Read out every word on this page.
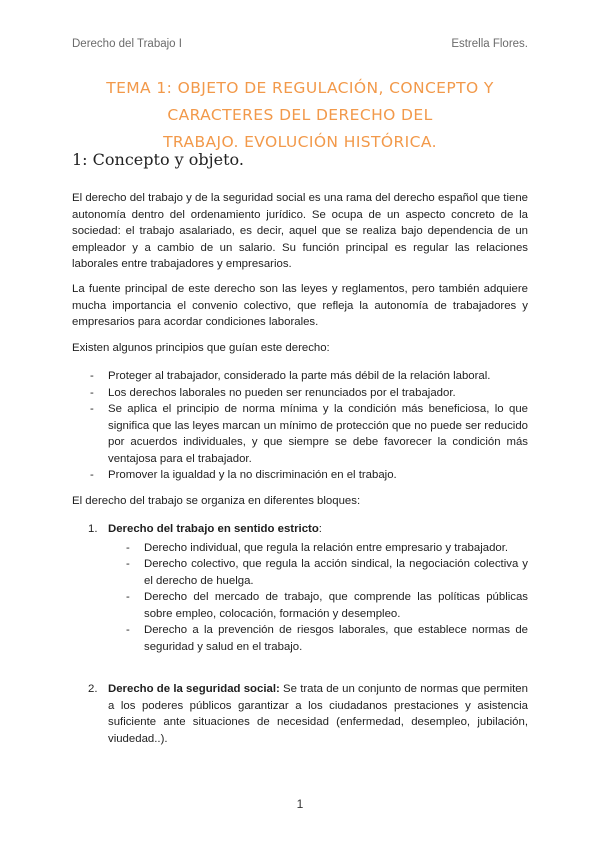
Derecho del Trabajo I	Estrella Flores.
TEMA 1: OBJETO DE REGULACIÓN, CONCEPTO Y CARACTERES DEL DERECHO DEL
TRABAJO. EVOLUCIÓN HISTÓRICA.
1: Concepto y objeto.

El derecho del trabajo y de la seguridad social es una rama del derecho español que tiene autonomía dentro del ordenamiento jurídico. Se ocupa de un aspecto concreto de la sociedad: el trabajo asalariado, es decir, aquel que se realiza bajo dependencia de un empleador y a cambio de un salario. Su función principal es regular las relaciones laborales entre trabajadores y empresarios.

La fuente principal de este derecho son las leyes y reglamentos, pero también adquiere mucha importancia el convenio colectivo, que refleja la autonomía de trabajadores y empresarios para acordar condiciones laborales.

Existen algunos principios que guían este derecho:

- Proteger al trabajador, considerado la parte más débil de la relación laboral.
- Los derechos laborales no pueden ser renunciados por el trabajador.
- Se aplica el principio de norma mínima y la condición más beneficiosa, lo que significa que las leyes marcan un mínimo de protección que no puede ser reducido por acuerdos individuales, y que siempre se debe favorecer la condición más ventajosa para el trabajador.
- Promover la igualdad y la no discriminación en el trabajo.

El derecho del trabajo se organiza en diferentes bloques:

1. Derecho del trabajo en sentido estricto:
- Derecho individual, que regula la relación entre empresario y trabajador.
- Derecho colectivo, que regula la acción sindical, la negociación colectiva y el derecho de huelga.
- Derecho del mercado de trabajo, que comprende las políticas públicas sobre empleo, colocación, formación y desempleo.
- Derecho a la prevención de riesgos laborales, que establece normas de seguridad y salud en el trabajo.
2. Derecho de la seguridad social: Se trata de un conjunto de normas que permiten a los poderes públicos garantizar a los ciudadanos prestaciones y asistencia suficiente ante situaciones de necesidad (enfermedad, desempleo, jubilación, viudedad..).
1
